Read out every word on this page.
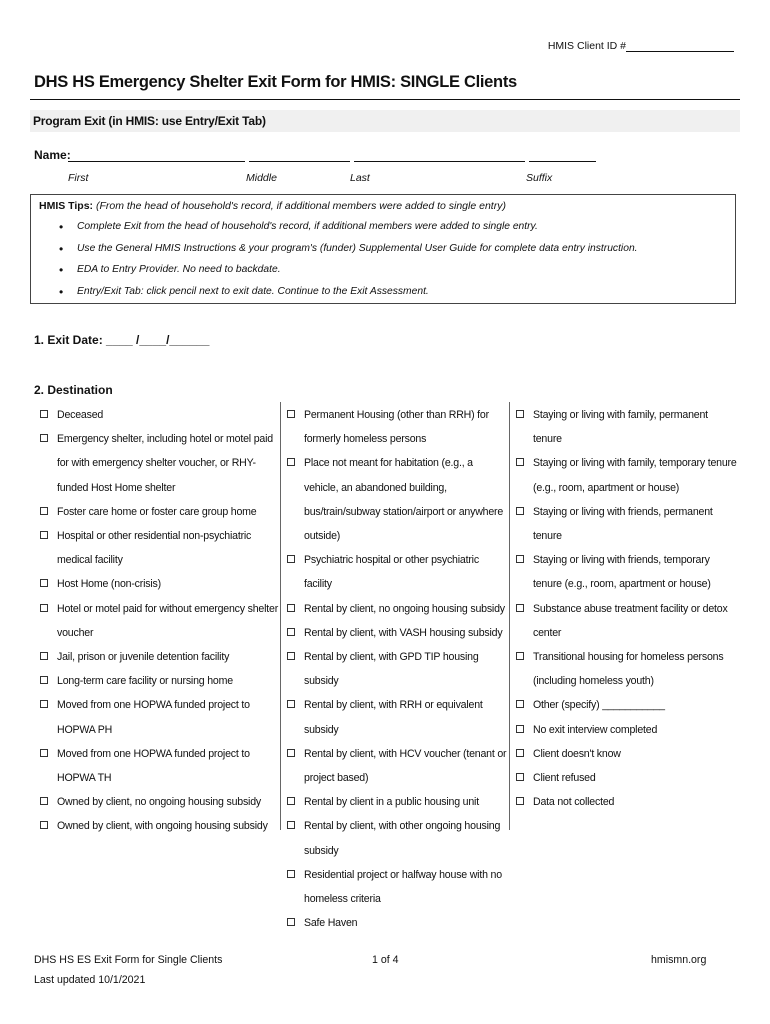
HMIS Client ID #
DHS HS Emergency Shelter Exit Form for HMIS: SINGLE Clients
Program Exit (in HMIS: use Entry/Exit Tab)
Name:
First	Middle	Last	Suffix
HMIS Tips: (From the head of household's record, if additional members were added to single entry)
• Complete Exit from the head of household's record, if additional members were added to single entry.
• Use the General HMIS Instructions & your program's (funder) Supplemental User Guide for complete data entry instruction.
• EDA to Entry Provider. No need to backdate.
• Entry/Exit Tab: click pencil next to exit date. Continue to the Exit Assessment.
1. Exit Date: ____ /____/______
2. Destination
Deceased
Emergency shelter, including hotel or motel paid for with emergency shelter voucher, or RHY-funded Host Home shelter
Foster care home or foster care group home
Hospital or other residential non-psychiatric medical facility
Host Home (non-crisis)
Hotel or motel paid for without emergency shelter voucher
Jail, prison or juvenile detention facility
Long-term care facility or nursing home
Moved from one HOPWA funded project to HOPWA PH
Moved from one HOPWA funded project to HOPWA TH
Owned by client, no ongoing housing subsidy
Owned by client, with ongoing housing subsidy
Permanent Housing (other than RRH) for formerly homeless persons
Place not meant for habitation (e.g., a vehicle, an abandoned building, bus/train/subway station/airport or anywhere outside)
Psychiatric hospital or other psychiatric facility
Rental by client, no ongoing housing subsidy
Rental by client, with VASH housing subsidy
Rental by client, with GPD TIP housing subsidy
Rental by client, with RRH or equivalent subsidy
Rental by client, with HCV voucher (tenant or project based)
Rental by client in a public housing unit
Rental by client, with other ongoing housing subsidy
Residential project or halfway house with no homeless criteria
Safe Haven
Staying or living with family, permanent tenure
Staying or living with family, temporary tenure (e.g., room, apartment or house)
Staying or living with friends, permanent tenure
Staying or living with friends, temporary tenure (e.g., room, apartment or house)
Substance abuse treatment facility or detox center
Transitional housing for homeless persons (including homeless youth)
Other (specify) ___________
No exit interview completed
Client doesn't know
Client refused
Data not collected
DHS HS ES Exit Form for Single Clients
Last updated 10/1/2021
1 of 4	hmismn.org
